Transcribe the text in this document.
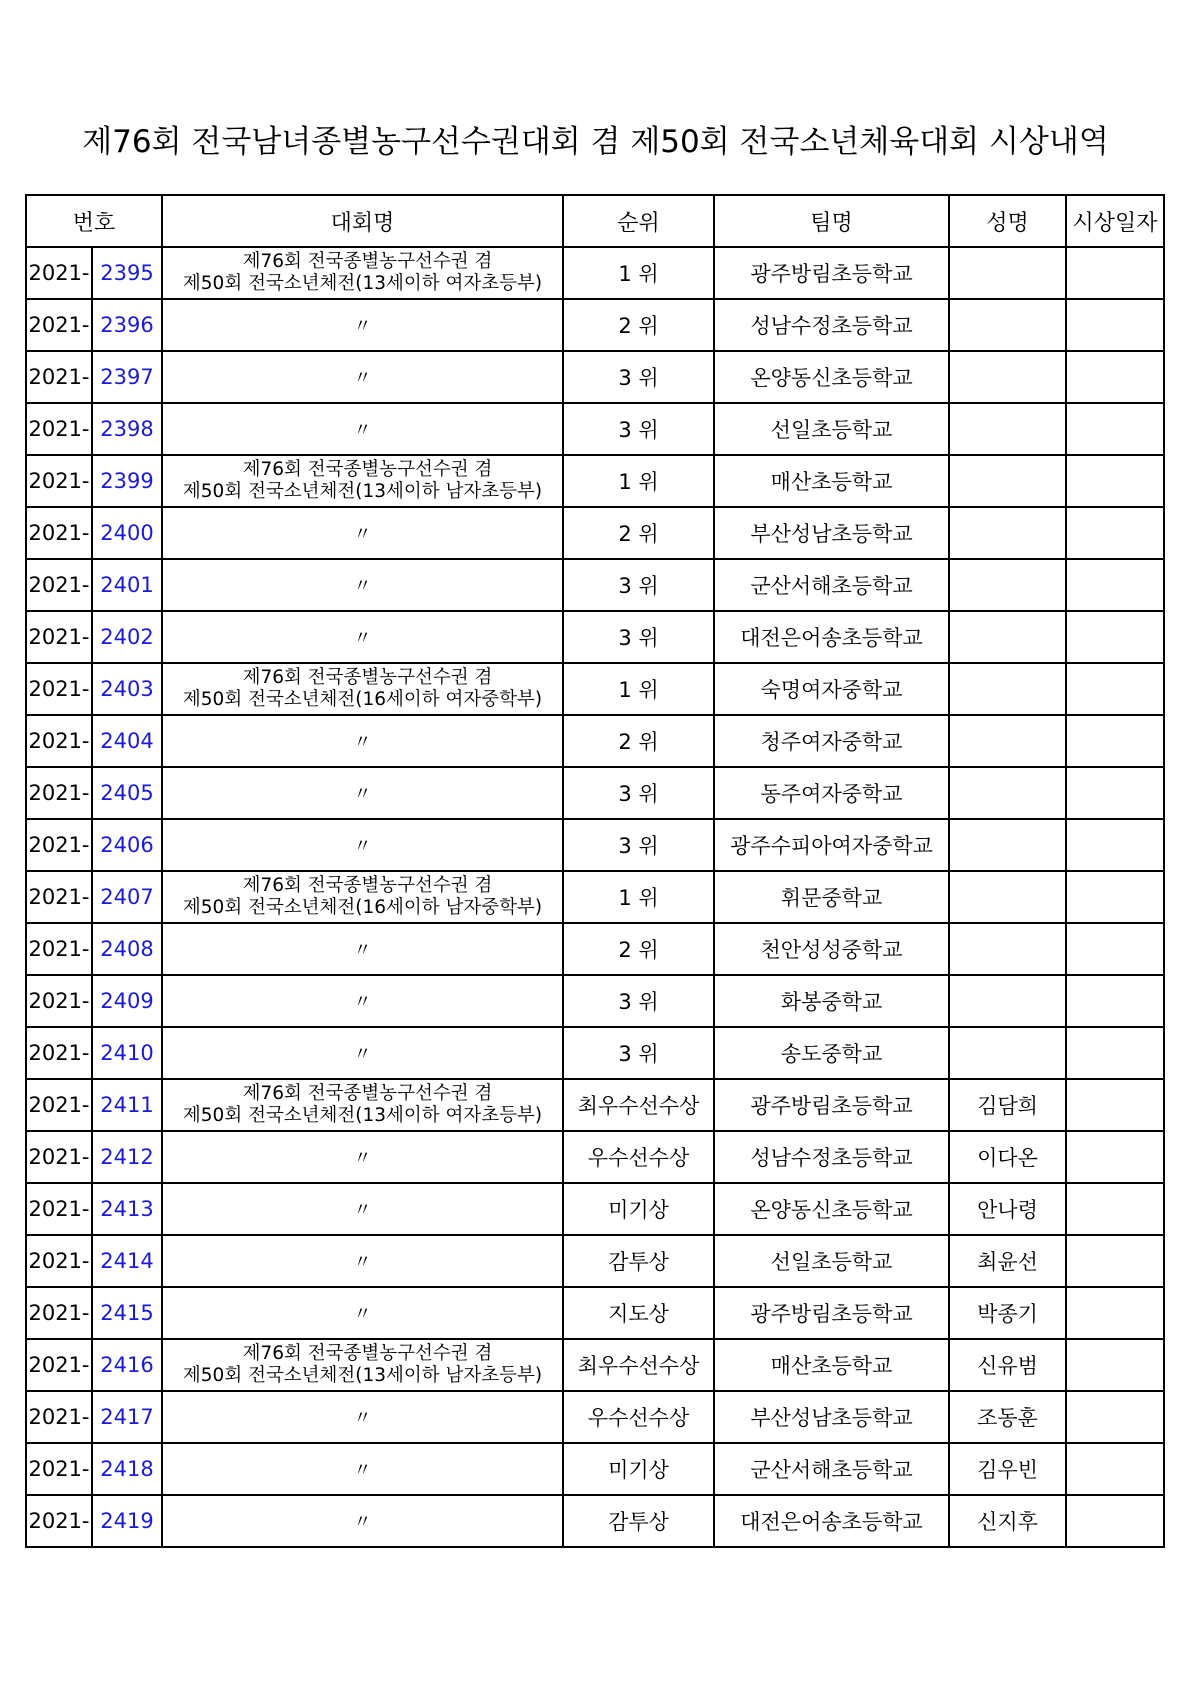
제76회 전국남녀종별농구선수권대회 겸 제50회 전국소년체육대회 시상내역
번호		대회명	순위	팀명	성명	시상일자
2021-	2395	제76회 전국종별농구선수권 겸
제50회 전국소년체전(13세이하 여자초등부)	1 위	광주방림초등학교		
2021-	2396	〃	2 위	성남수정초등학교		
2021-	2397	〃	3 위	온양동신초등학교		
2021-	2398	〃	3 위	선일초등학교		
2021-	2399	제76회 전국종별농구선수권 겸
제50회 전국소년체전(13세이하 남자초등부)	1 위	매산초등학교		
2021-	2400	〃	2 위	부산성남초등학교		
2021-	2401	〃	3 위	군산서해초등학교		
2021-	2402	〃	3 위	대전은어송초등학교		
2021-	2403	제76회 전국종별농구선수권 겸
제50회 전국소년체전(16세이하 여자중학부)	1 위	숙명여자중학교		
2021-	2404	〃	2 위	청주여자중학교		
2021-	2405	〃	3 위	동주여자중학교		
2021-	2406	〃	3 위	광주수피아여자중학교		
2021-	2407	제76회 전국종별농구선수권 겸
제50회 전국소년체전(16세이하 남자중학부)	1 위	휘문중학교		
2021-	2408	〃	2 위	천안성성중학교		
2021-	2409	〃	3 위	화봉중학교		
2021-	2410	〃	3 위	송도중학교		
2021-	2411	제76회 전국종별농구선수권 겸
제50회 전국소년체전(13세이하 여자초등부)	최우수선수상	광주방림초등학교	김담희	
2021-	2412	〃	우수선수상	성남수정초등학교	이다온	
2021-	2413	〃	미기상	온양동신초등학교	안나령	
2021-	2414	〃	감투상	선일초등학교	최윤선	
2021-	2415	〃	지도상	광주방림초등학교	박종기	
2021-	2416	제76회 전국종별농구선수권 겸
제50회 전국소년체전(13세이하 남자초등부)	최우수선수상	매산초등학교	신유범	
2021-	2417	〃	우수선수상	부산성남초등학교	조동훈	
2021-	2418	〃	미기상	군산서해초등학교	김우빈	
2021-	2419	〃	감투상	대전은어송초등학교	신지후	
